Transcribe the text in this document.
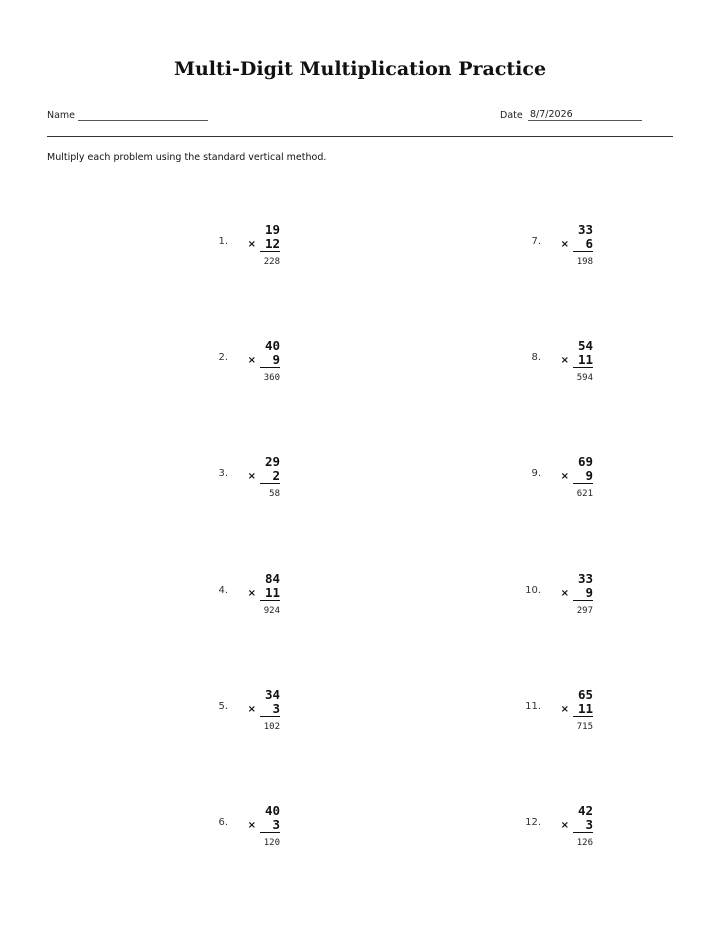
Multi-Digit Multiplication Practice
Name	Date 8/7/2026
Multiply each problem using the standard vertical method.
1.
19
× 12
228
2.
40
×	9
360
3.
29
×	2
58
4.
84
× 11
924
5.
34
×	3
102
6.
40
×	3
120
7.
33
×	6
198
8.
54
× 11
594
9.
69
×	9
621
10.
33
×	9
297
11.
65
× 11
715
12.
42
×	3
126
